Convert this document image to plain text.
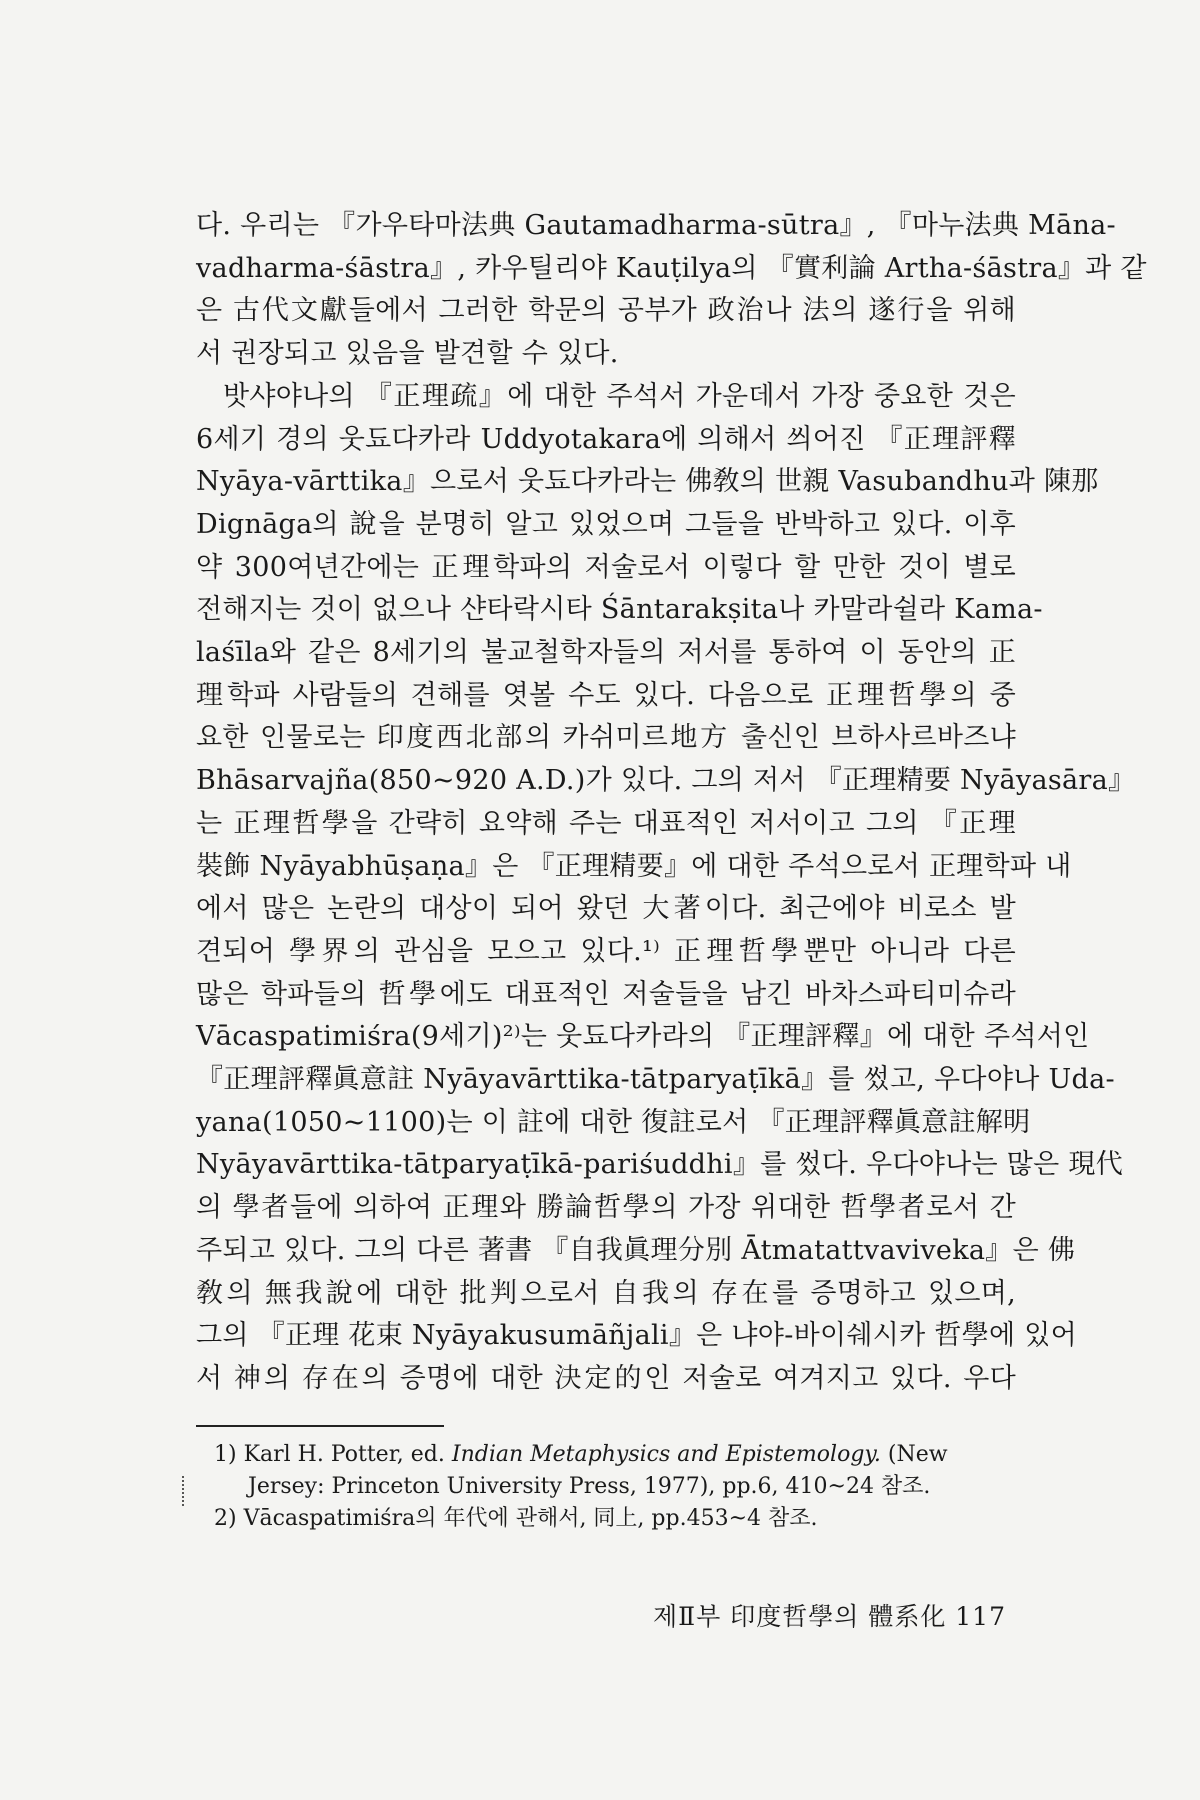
다. 우리는 『가우타마法典 Gautamadharma-sūtra』, 『마누法典 Māna-
vadharma-śāstra』, 카우틸리야 Kauṭilya의 『實利論 Artha-śāstra』과 같
은 古代文獻들에서 그러한 학문의 공부가 政治나 法의 遂行을 위해
서 권장되고 있음을 발견할 수 있다.
밧샤야나의 『正理疏』에 대한 주석서 가운데서 가장 중요한 것은
6세기 경의 웃됴다카라 Uddyotakara에 의해서 씌어진 『正理評釋
Nyāya-vārttika』으로서 웃됴다카라는 佛敎의 世親 Vasubandhu과 陳那
Dignāga의 說을 분명히 알고 있었으며 그들을 반박하고 있다. 이후
약 300여년간에는 正理학파의 저술로서 이렇다 할 만한 것이 별로
전해지는 것이 없으나 샨타락시타 Śāntarakṣita나 카말라쉴라 Kama-
laśīla와 같은 8세기의 불교철학자들의 저서를 통하여 이 동안의 正
理학파 사람들의 견해를 엿볼 수도 있다. 다음으로 正理哲學의 중
요한 인물로는 印度西北部의 카쉬미르地方 출신인 브하사르바즈냐
Bhāsarvajña(850~920 A.D.)가 있다. 그의 저서 『正理精要 Nyāyasāra』
는 正理哲學을 간략히 요약해 주는 대표적인 저서이고 그의 『正理
裝飾 Nyāyabhūṣaṇa』은 『正理精要』에 대한 주석으로서 正理학파 내
에서 많은 논란의 대상이 되어 왔던 大著이다. 최근에야 비로소 발
견되어 學界의 관심을 모으고 있다.¹⁾ 正理哲學뿐만 아니라 다른
많은 학파들의 哲學에도 대표적인 저술들을 남긴 바차스파티미슈라
Vācaspatimiśra(9세기)²⁾는 웃됴다카라의 『正理評釋』에 대한 주석서인
『正理評釋眞意註 Nyāyavārttika-tātparyaṭīkā』를 썼고, 우다야나 Uda-
yana(1050~1100)는 이 註에 대한 復註로서 『正理評釋眞意註解明
Nyāyavārttika-tātparyaṭīkā-pariśuddhi』를 썼다. 우다야나는 많은 現代
의 學者들에 의하여 正理와 勝論哲學의 가장 위대한 哲學者로서 간
주되고 있다. 그의 다른 著書 『自我眞理分別 Ātmatattvaviveka』은 佛
敎의 無我說에 대한 批判으로서 自我의 存在를 증명하고 있으며,
그의 『正理 花束 Nyāyakusumāñjali』은 냐야-바이쉐시카 哲學에 있어
서 神의 存在의 증명에 대한 決定的인 저술로 여겨지고 있다. 우다
1) Karl H. Potter, ed. Indian Metaphysics and Epistemology. (New Jersey: Princeton University Press, 1977), pp.6, 410~24 참조.
2) Vācaspatimiśra의 年代에 관해서, 同上, pp.453~4 참조.
제Ⅱ부 印度哲學의 體系化 117
